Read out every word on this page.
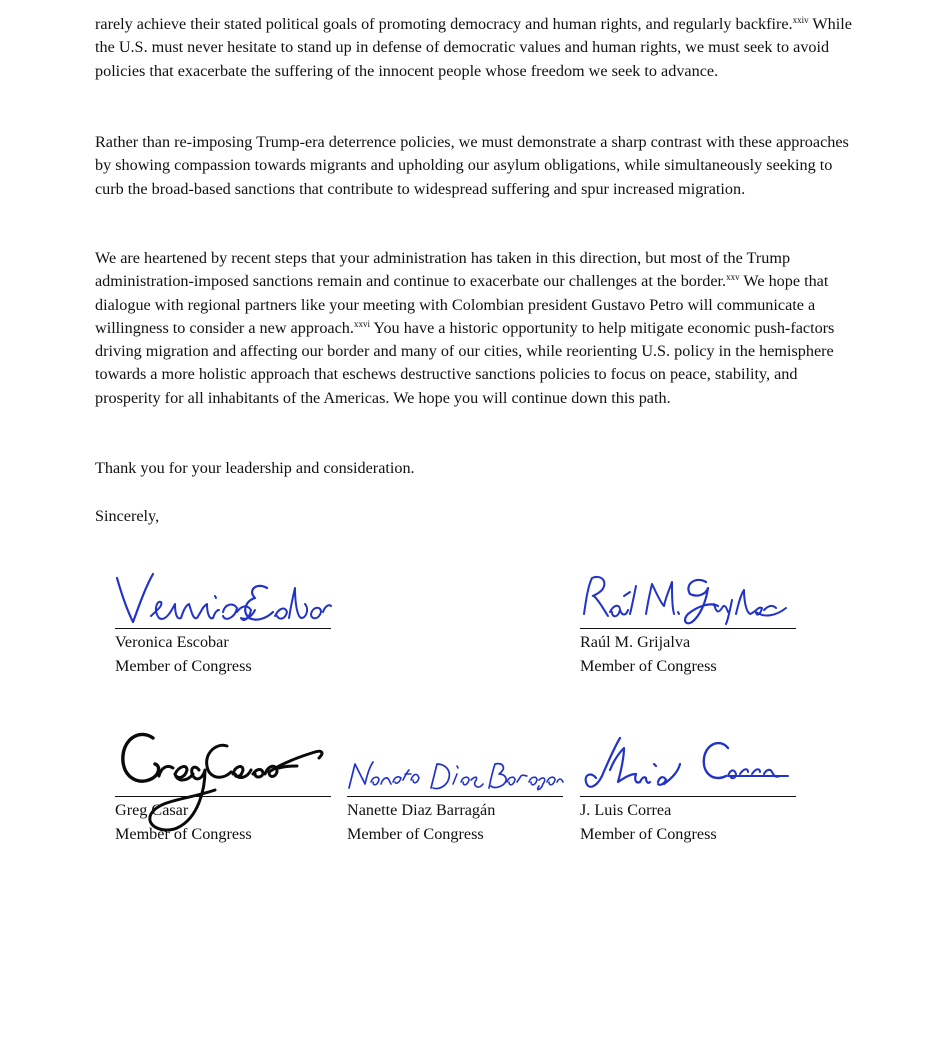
rarely achieve their stated political goals of promoting democracy and human rights, and regularly backfire.$^{xxiv}$ While the U.S. must never hesitate to stand up in defense of democratic values and human rights, we must seek to avoid policies that exacerbate the suffering of the innocent people whose freedom we seek to advance.

Rather than re-imposing Trump-era deterrence policies, we must demonstrate a sharp contrast with these approaches by showing compassion towards migrants and upholding our asylum obligations, while simultaneously seeking to curb the broad-based sanctions that contribute to widespread suffering and spur increased migration.

We are heartened by recent steps that your administration has taken in this direction, but most of the Trump administration-imposed sanctions remain and continue to exacerbate our challenges at the border.$^{xxv}$ We hope that dialogue with regional partners like your meeting with Colombian president Gustavo Petro will communicate a willingness to consider a new approach.$^{xxvi}$ You have a historic opportunity to help mitigate economic push-factors driving migration and affecting our border and many of our cities, while reorienting U.S. policy in the hemisphere towards a more holistic approach that eschews destructive sanctions policies to focus on peace, stability, and prosperity for all inhabitants of the Americas. We hope you will continue down this path.

Thank you for your leadership and consideration.

Sincerely,

Veronica Escobar
Member of Congress
Raúl M. Grijalva
Member of Congress
Greg Casar
Member of Congress
Nanette Diaz Barragán
Member of Congress
J. Luis Correa
Member of Congress
